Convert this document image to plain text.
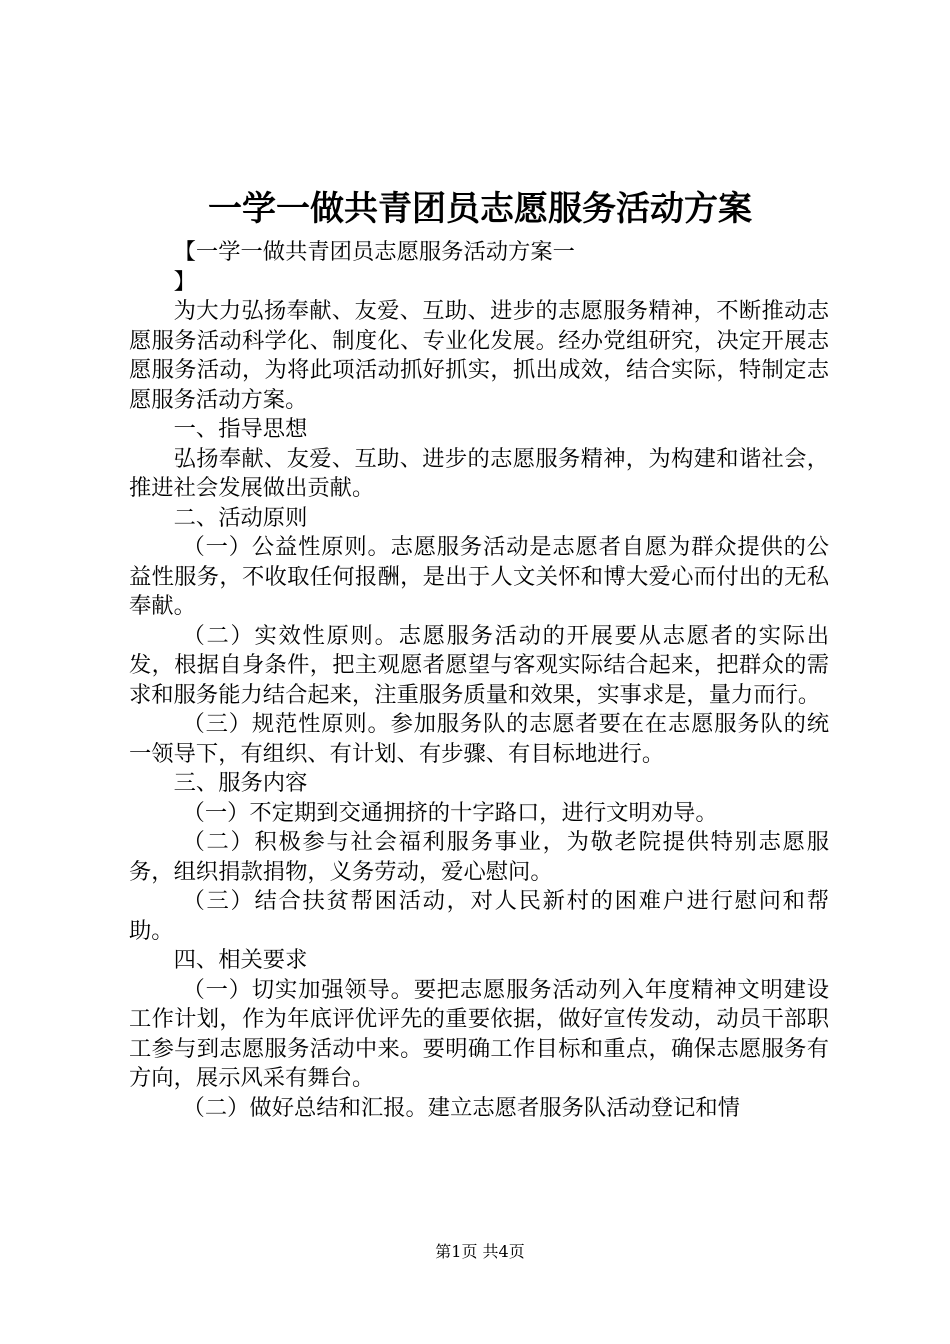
一学一做共青团员志愿服务活动方案

【一学一做共青团员志愿服务活动方案一

】

为大力弘扬奉献、友爱、互助、进步的志愿服务精神，不断推动志愿服务活动科学化、制度化、专业化发展。经办党组研究，决定开展志愿服务活动，为将此项活动抓好抓实，抓出成效，结合实际，特制定志愿服务活动方案。

一、指导思想

弘扬奉献、友爱、互助、进步的志愿服务精神，为构建和谐社会，推进社会发展做出贡献。

二、活动原则

（一）公益性原则。志愿服务活动是志愿者自愿为群众提供的公益性服务，不收取任何报酬，是出于人文关怀和博大爱心而付出的无私奉献。

（二）实效性原则。志愿服务活动的开展要从志愿者的实际出发，根据自身条件，把主观愿者愿望与客观实际结合起来，把群众的需求和服务能力结合起来，注重服务质量和效果，实事求是，量力而行。

（三）规范性原则。参加服务队的志愿者要在在志愿服务队的统一领导下，有组织、有计划、有步骤、有目标地进行。

三、服务内容

（一）不定期到交通拥挤的十字路口，进行文明劝导。

（二）积极参与社会福利服务事业，为敬老院提供特别志愿服务，组织捐款捐物，义务劳动，爱心慰问。

（三）结合扶贫帮困活动，对人民新村的困难户进行慰问和帮助。

四、相关要求

（一）切实加强领导。要把志愿服务活动列入年度精神文明建设工作计划，作为年底评优评先的重要依据，做好宣传发动，动员干部职工参与到志愿服务活动中来。要明确工作目标和重点，确保志愿服务有方向，展示风采有舞台。

（二）做好总结和汇报。建立志愿者服务队活动登记和情

第1页 共4页
